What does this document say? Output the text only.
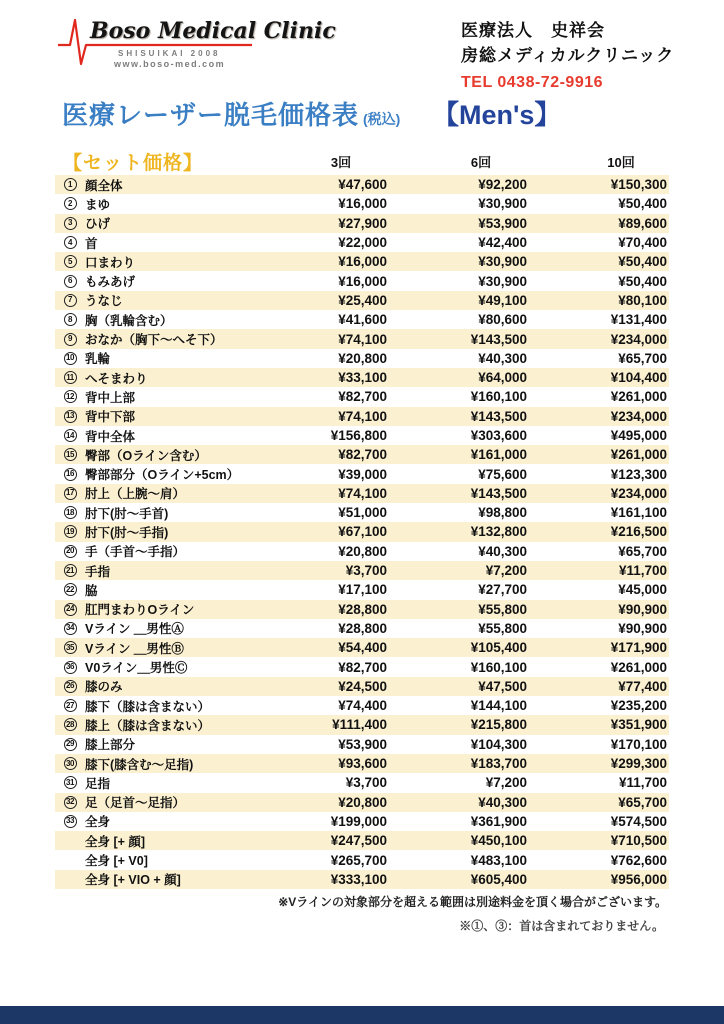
Boso Medical Clinic
SHISUIKAI 2008
www.boso-med.com
医療法人　史祥会
房総メディカルクリニック
TEL 0438-72-9916
医療レーザー脱毛価格表 (税込) 【Men's】
【セット価格】	3回	6回	10回
1	顔全体	¥47,600	¥92,200	¥150,300
2	まゆ	¥16,000	¥30,900	¥50,400
3	ひげ	¥27,900	¥53,900	¥89,600
4	首	¥22,000	¥42,400	¥70,400
5	口まわり	¥16,000	¥30,900	¥50,400
6	もみあげ	¥16,000	¥30,900	¥50,400
7	うなじ	¥25,400	¥49,100	¥80,100
8	胸（乳輪含む）	¥41,600	¥80,600	¥131,400
9	おなか（胸下～へそ下）	¥74,100	¥143,500	¥234,000
10 乳輪	¥20,800	¥40,300	¥65,700
11 へそまわり	¥33,100	¥64,000	¥104,400
12 背中上部	¥82,700	¥160,100	¥261,000
13 背中下部	¥74,100	¥143,500	¥234,000
14 背中全体	¥156,800	¥303,600	¥495,000
15 臀部（Oライン含む）	¥82,700	¥161,000	¥261,000
16 臀部部分（Oライン+5cm）	¥39,000	¥75,600	¥123,300
17 肘上（上腕～肩）	¥74,100	¥143,500	¥234,000
18 肘下(肘～手首)	¥51,000	¥98,800	¥161,100
19 肘下(肘～手指)	¥67,100	¥132,800	¥216,500
20 手（手首～手指）	¥20,800	¥40,300	¥65,700
21 手指	¥3,700	¥7,200	¥11,700
22 脇	¥17,100	¥27,700	¥45,000
24 肛門まわりOライン	¥28,800	¥55,800	¥90,900
34 Vライン ＿男性Ⓐ	¥28,800	¥55,800	¥90,900
35 Vライン ＿男性Ⓑ	¥54,400	¥105,400	¥171,900
36 V0ライン＿男性Ⓒ	¥82,700	¥160,100	¥261,000
26 膝のみ	¥24,500	¥47,500	¥77,400
27 膝下（膝は含まない）	¥74,400	¥144,100	¥235,200
28 膝上（膝は含まない）	¥111,400	¥215,800	¥351,900
29 膝上部分	¥53,900	¥104,300	¥170,100
30 膝下(膝含む～足指)	¥93,600	¥183,700	¥299,300
31 足指	¥3,700	¥7,200	¥11,700
32 足（足首～足指）	¥20,800	¥40,300	¥65,700
33 全身	¥199,000	¥361,900	¥574,500
全身 [+ 顔]	¥247,500	¥450,100	¥710,500
全身 [+ V0]	¥265,700	¥483,100	¥762,600
全身 [+ VIO + 顔]	¥333,100	¥605,400	¥956,000
※Vラインの対象部分を超える範囲は別途料金を頂く場合がございます。
※①、③：首は含まれておりません。
